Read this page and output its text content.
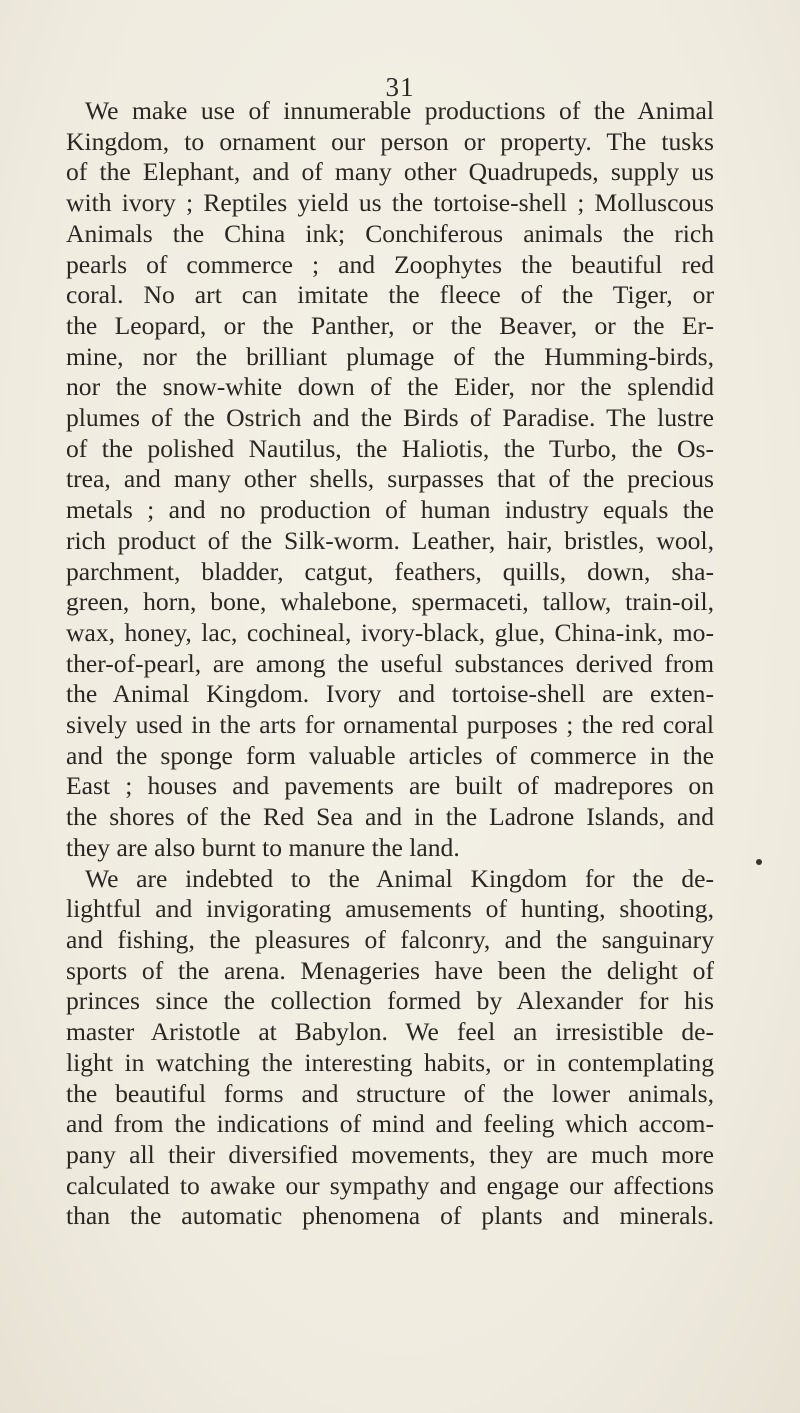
31
We make use of innumerable productions of the Animal
Kingdom, to ornament our person or property. The tusks
of the Elephant, and of many other Quadrupeds, supply us
with ivory ; Reptiles yield us the tortoise-shell ; Molluscous
Animals the China ink; Conchiferous animals the rich
pearls of commerce ; and Zoophytes the beautiful red
coral. No art can imitate the fleece of the Tiger, or
the Leopard, or the Panther, or the Beaver, or the Er-
mine, nor the brilliant plumage of the Humming-birds,
nor the snow-white down of the Eider, nor the splendid
plumes of the Ostrich and the Birds of Paradise. The lustre
of the polished Nautilus, the Haliotis, the Turbo, the Os-
trea, and many other shells, surpasses that of the precious
metals ; and no production of human industry equals the
rich product of the Silk-worm. Leather, hair, bristles, wool,
parchment, bladder, catgut, feathers, quills, down, sha-
green, horn, bone, whalebone, spermaceti, tallow, train-oil,
wax, honey, lac, cochineal, ivory-black, glue, China-ink, mo-
ther-of-pearl, are among the useful substances derived from
the Animal Kingdom. Ivory and tortoise-shell are exten-
sively used in the arts for ornamental purposes ; the red coral
and the sponge form valuable articles of commerce in the
East ; houses and pavements are built of madrepores on
the shores of the Red Sea and in the Ladrone Islands, and
they are also burnt to manure the land.
We are indebted to the Animal Kingdom for the de-
lightful and invigorating amusements of hunting, shooting,
and fishing, the pleasures of falconry, and the sanguinary
sports of the arena. Menageries have been the delight of
princes since the collection formed by Alexander for his
master Aristotle at Babylon. We feel an irresistible de-
light in watching the interesting habits, or in contemplating
the beautiful forms and structure of the lower animals,
and from the indications of mind and feeling which accom-
pany all their diversified movements, they are much more
calculated to awake our sympathy and engage our affections
than the automatic phenomena of plants and minerals.
